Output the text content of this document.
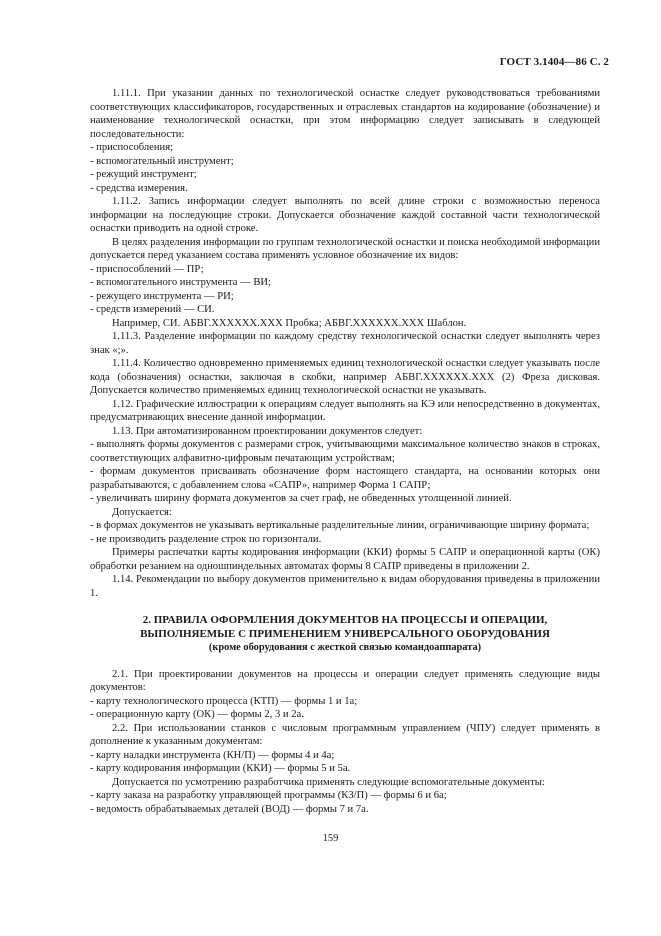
ГОСТ 3.1404—86 С. 2

1.11.1. При указании данных по технологической оснастке следует руководствоваться требованиями соответствующих классификаторов, государственных и отраслевых стандартов на кодирование (обозначение) и наименование технологической оснастки, при этом информацию следует записывать в следующей последовательности:

- приспособления;

- вспомогательный инструмент;

- режущий инструмент;

- средства измерения.

1.11.2. Запись информации следует выполнять по всей длине строки с возможностью переноса информации на последующие строки. Допускается обозначение каждой составной части технологической оснастки приводить на одной строке.

В целях разделения информации по группам технологической оснастки и поиска необходимой информации допускается перед указанием состава применять условное обозначение их видов:

- приспособлений — ПР;

- вспомогательного инструмента — ВИ;

- режущего инструмента — РИ;

- средств измерений — СИ.

Например, СИ. АБВГ.XXXXXX.XXX Пробка; АБВГ.XXXXXX.XXX Шаблон.

1.11.3. Разделение информации по каждому средству технологической оснастки следует выполнять через знак «;».

1.11.4. Количество одновременно применяемых единиц технологической оснастки следует указывать после кода (обозначения) оснастки, заключая в скобки, например АБВГ.XXXXXX.XXX (2) Фреза дисковая. Допускается количество применяемых единиц технологической оснастки не указывать.

1.12. Графические иллюстрации к операциям следует выполнять на КЭ или непосредственно в документах, предусматривающих внесение данной информации.

1.13. При автоматизированном проектировании документов следует:

- выполнять формы документов с размерами строк, учитывающими максимальное количество знаков в строках, соответствующих алфавитно-цифровым печатающим устройствам;

- формам документов присваивать обозначение форм настоящего стандарта, на основании которых они разрабатываются, с добавлением слова «САПР», например Форма 1 САПР;

- увеличивать ширину формата документов за счет граф, не обведенных утолщенной линией.

Допускается:

- в формах документов не указывать вертикальные разделительные линии, ограничивающие ширину формата;

- не производить разделение строк по горизонтали.

Примеры распечатки карты кодирования информации (ККИ) формы 5 САПР и операционной карты (ОК) обработки резанием на одношпиндельных автоматах формы 8 САПР приведены в приложении 2.

1.14. Рекомендации по выбору документов применительно к видам оборудования приведены в приложении 1.

2. ПРАВИЛА ОФОРМЛЕНИЯ ДОКУМЕНТОВ НА ПРОЦЕССЫ И ОПЕРАЦИИ,
ВЫПОЛНЯЕМЫЕ С ПРИМЕНЕНИЕМ УНИВЕРСАЛЬНОГО ОБОРУДОВАНИЯ
(кроме оборудования с жесткой связью командоаппарата)

2.1. При проектировании документов на процессы и операции следует применять следующие виды документов:

- карту технологического процесса (КТП) — формы 1 и 1а;

- операционную карту (ОК) — формы 2, 3 и 2а.

2.2. При использовании станков с числовым программным управлением (ЧПУ) следует применять в дополнение к указанным документам:

- карту наладки инструмента (КН/П) — формы 4 и 4а;

- карту кодирования информации (ККИ) — формы 5 и 5а.

Допускается по усмотрению разработчика применять следующие вспомогательные документы:

- карту заказа на разработку управляющей программы (КЗ/П) — формы 6 и 6а;

- ведомость обрабатываемых деталей (ВОД) — формы 7 и 7а.

159
